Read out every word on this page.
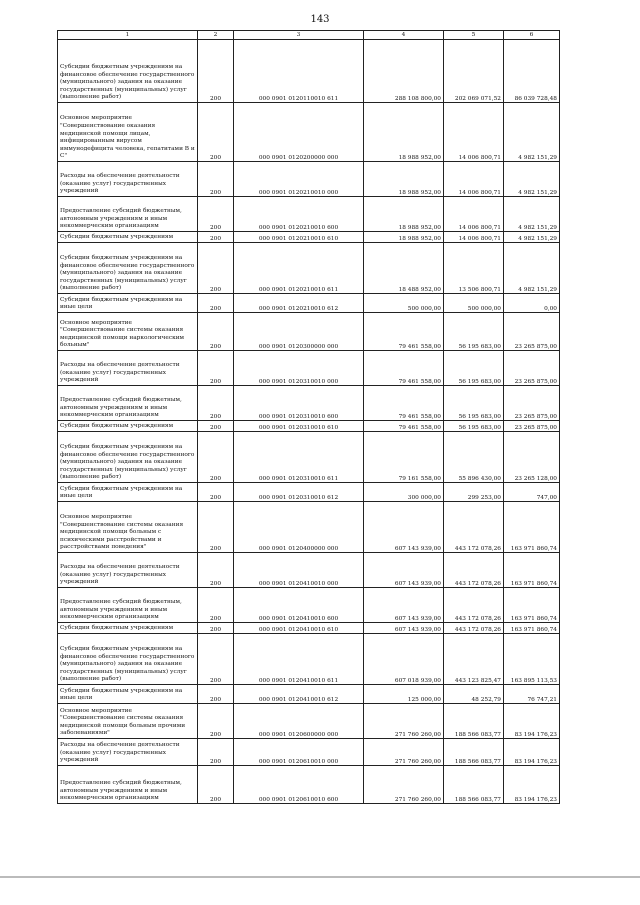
143
1	2	3	4	5	6
Субсидии бюджетным учреждениям на финансовое обеспечение государственного (муниципального) задания на оказание государственных (муниципальных) услуг (выполнение работ)	200	000 0901 0120110010 611	288 108 800,00	202 069 071,52	86 039 728,48
Основное мероприятие "Совершенствование оказания медицинской помощи лицам, инфицированным вирусом иммунодефицита человека, гепатитами В и С"	200	000 0901 0120200000 000	18 988 952,00	14 006 800,71	4 982 151,29
Расходы на обеспечение деятельности (оказание услуг) государственных учреждений	200	000 0901 0120210010 000	18 988 952,00	14 006 800,71	4 982 151,29
Предоставление субсидий бюджетным, автономным учреждениям и иным некоммерческим организациям	200	000 0901 0120210010 600	18 988 952,00	14 006 800,71	4 982 151,29
Субсидии бюджетным учреждениям	200	000 0901 0120210010 610	18 988 952,00	14 006 800,71	4 982 151,29
Субсидии бюджетным учреждениям на финансовое обеспечение государственного (муниципального) задания на оказание государственных (муниципальных) услуг (выполнение работ)	200	000 0901 0120210010 611	18 488 952,00	13 506 800,71	4 982 151,29
Субсидии бюджетным учреждениям на иные цели	200	000 0901 0120210010 612	500 000,00	500 000,00	0,00
Основное мероприятие "Совершенствование системы оказания медицинской помощи наркологическим больным"	200	000 0901 0120300000 000	79 461 558,00	56 195 683,00	23 265 875,00
Расходы на обеспечение деятельности (оказание услуг) государственных учреждений	200	000 0901 0120310010 000	79 461 558,00	56 195 683,00	23 265 875,00
Предоставление субсидий бюджетным, автономным учреждениям и иным некоммерческим организациям	200	000 0901 0120310010 600	79 461 558,00	56 195 683,00	23 265 875,00
Субсидии бюджетным учреждениям	200	000 0901 0120310010 610	79 461 558,00	56 195 683,00	23 265 875,00
Субсидии бюджетным учреждениям на финансовое обеспечение государственного (муниципального) задания на оказание государственных (муниципальных) услуг (выполнение работ)	200	000 0901 0120310010 611	79 161 558,00	55 896 430,00	23 265 128,00
Субсидии бюджетным учреждениям на иные цели	200	000 0901 0120310010 612	300 000,00	299 253,00	747,00
Основное мероприятие "Совершенствование системы оказания медицинской помощи больным с психическими расстройствами и расстройствами поведения"	200	000 0901 0120400000 000	607 143 939,00	443 172 078,26	163 971 860,74
Расходы на обеспечение деятельности (оказание услуг) государственных учреждений	200	000 0901 0120410010 000	607 143 939,00	443 172 078,26	163 971 860,74
Предоставление субсидий бюджетным, автономным учреждениям и иным некоммерческим организациям	200	000 0901 0120410010 600	607 143 939,00	443 172 078,26	163 971 860,74
Субсидии бюджетным учреждениям	200	000 0901 0120410010 610	607 143 939,00	443 172 078,26	163 971 860,74
Субсидии бюджетным учреждениям на финансовое обеспечение государственного (муниципального) задания на оказание государственных (муниципальных) услуг (выполнение работ)	200	000 0901 0120410010 611	607 018 939,00	443 123 825,47	163 895 113,53
Субсидии бюджетным учреждениям на иные цели	200	000 0901 0120410010 612	125 000,00	48 252,79	76 747,21
Основное мероприятие "Совершенствование системы оказания медицинской помощи больным прочими заболеваниями"	200	000 0901 0120600000 000	271 760 260,00	188 566 083,77	83 194 176,23
Расходы на обеспечение деятельности (оказание услуг) государственных учреждений	200	000 0901 0120610010 000	271 760 260,00	188 566 083,77	83 194 176,23
Предоставление субсидий бюджетным, автономным учреждениям и иным некоммерческим организациям	200	000 0901 0120610010 600	271 760 260,00	188 566 083,77	83 194 176,23
